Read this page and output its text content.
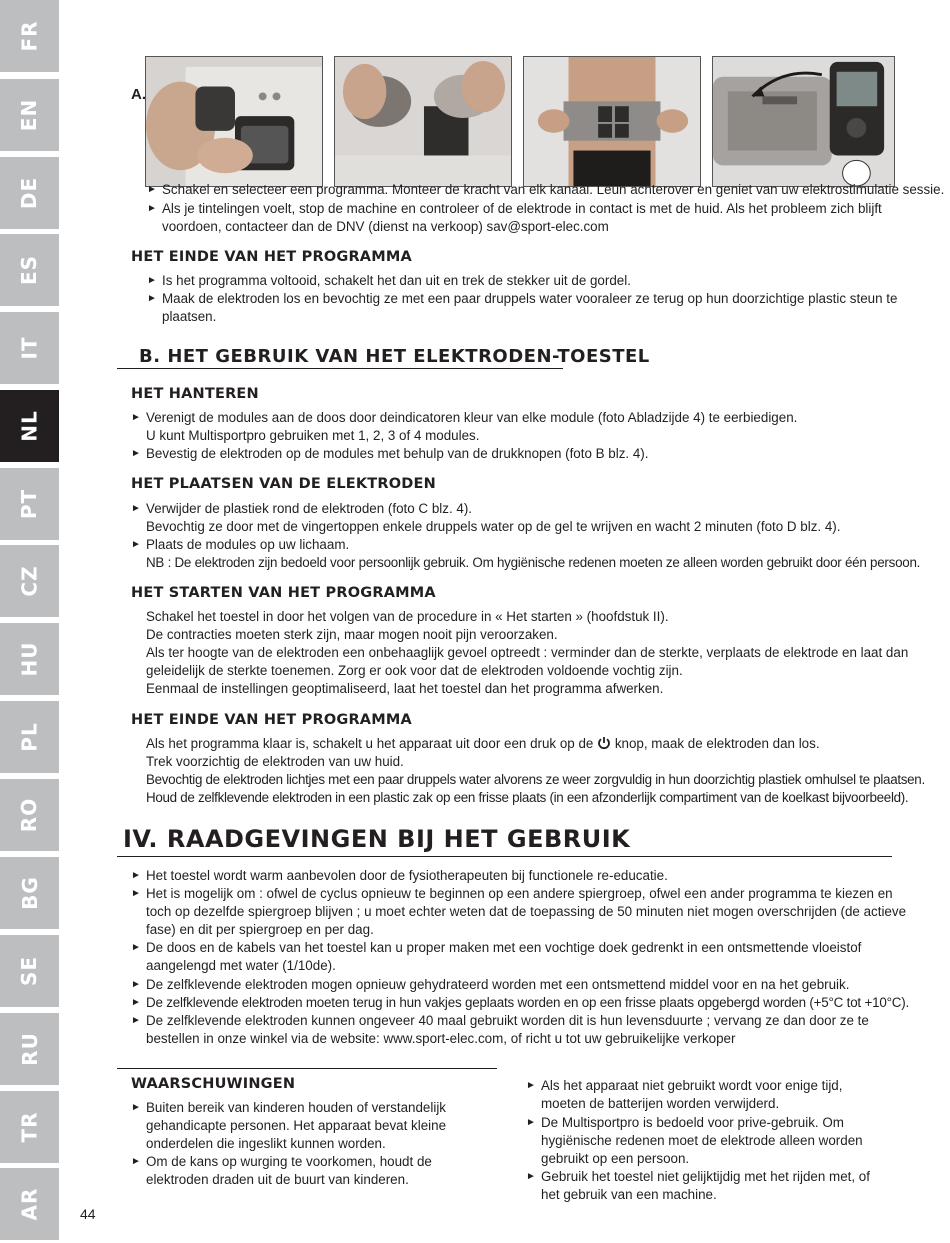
FR
EN
DE
ES
IT
NL
PT
CZ
HU
PL
RO
BG
SE
RU
TR
AR	44
A.
► Schakel en selecteer een programma. Monteer de kracht van elk kanaal. Leun achterover en geniet van uw elektrostimulatie sessie.
► Als je tintelingen voelt, stop de machine en controleer of de elektrode in contact is met de huid. Als het probleem zich blijft
voordoen, contacteer dan de DNV (dienst na verkoop) sav@sport-elec.com
HET EINDE VAN HET PROGRAMMA
► Is het programma voltooid, schakelt het dan uit en trek de stekker uit de gordel.
► Maak de elektroden los en bevochtig ze met een paar druppels water vooraleer ze terug op hun doorzichtige plastic steun te
plaatsen.
B. HET GEBRUIK VAN HET ELEKTRODEN-TOESTEL
HET HANTEREN
► Verenigt de modules aan de doos door deindicatoren kleur van elke module (foto Abladzijde 4) te eerbiedigen.
U kunt Multisportpro gebruiken met 1, 2, 3 of 4 modules.
► Bevestig de elektroden op de modules met behulp van de drukknopen (foto B blz. 4).
HET PLAATSEN VAN DE ELEKTRODEN
► Verwijder de plastiek rond de elektroden (foto C blz. 4).
Bevochtig ze door met de vingertoppen enkele druppels water op de gel te wrijven en wacht 2 minuten (foto D blz. 4).
► Plaats de modules op uw lichaam.
NB : De elektroden zijn bedoeld voor persoonlijk gebruik. Om hygiënische redenen moeten ze alleen worden gebruikt door één persoon.
HET STARTEN VAN HET PROGRAMMA
Schakel het toestel in door het volgen van de procedure in « Het starten » (hoofdstuk II).
De contracties moeten sterk zijn, maar mogen nooit pijn veroorzaken.
Als ter hoogte van de elektroden een onbehaaglijk gevoel optreedt : verminder dan de sterkte, verplaats de elektrode en laat dan
geleidelijk de sterkte toenemen. Zorg er ook voor dat de elektroden voldoende vochtig zijn.
Eenmaal de instellingen geoptimaliseerd, laat het toestel dan het programma afwerken.
HET EINDE VAN HET PROGRAMMA
Als het programma klaar is, schakelt u het apparaat uit door een druk op de knop, maak de elektroden dan los.
Trek voorzichtig de elektroden van uw huid.
Bevochtig de elektroden lichtjes met een paar druppels water alvorens ze weer zorgvuldig in hun doorzichtig plastiek omhulsel te plaatsen.
Houd de zelfklevende elektroden in een plastic zak op een frisse plaats (in een afzonderlijk compartiment van de koelkast bijvoorbeeld).
IV. RAADGEVINGEN BIJ HET GEBRUIK
► Het toestel wordt warm aanbevolen door de fysiotherapeuten bij functionele re-educatie.
► Het is mogelijk om : ofwel de cyclus opnieuw te beginnen op een andere spiergroep, ofwel een ander programma te kiezen en
toch op dezelfde spiergroep blijven ; u moet echter weten dat de toepassing de 50 minuten niet mogen overschrijden (de actieve
fase) en dit per spiergroep en per dag.
► De doos en de kabels van het toestel kan u proper maken met een vochtige doek gedrenkt in een ontsmettende vloeistof
aangelengd met water (1/10de).
► De zelfklevende elektroden mogen opnieuw gehydrateerd worden met een ontsmettend middel voor en na het gebruik.
► De zelfklevende elektroden moeten terug in hun vakjes geplaats worden en op een frisse plaats opgebergd worden (+5°C tot +10°C).
► De zelfklevende elektroden kunnen ongeveer 40 maal gebruikt worden dit is hun levensduurte ; vervang ze dan door ze te
bestellen in onze winkel via de website: www.sport-elec.com, of richt u tot uw gebruikelijke verkoper
WAARSCHUWINGEN
► Buiten bereik van kinderen houden of verstandelijk
gehandicapte personen. Het apparaat bevat kleine
onderdelen die ingeslikt kunnen worden.
► Om de kans op wurging te voorkomen, houdt de
elektroden draden uit de buurt van kinderen.
► Als het apparaat niet gebruikt wordt voor enige tijd,
moeten de batterijen worden verwijderd.
► De Multisportpro is bedoeld voor prive-gebruik. Om
hygiënische redenen moet de elektrode alleen worden
gebruikt op een persoon.
► Gebruik het toestel niet gelijktijdig met het rijden met, of
het gebruik van een machine.
